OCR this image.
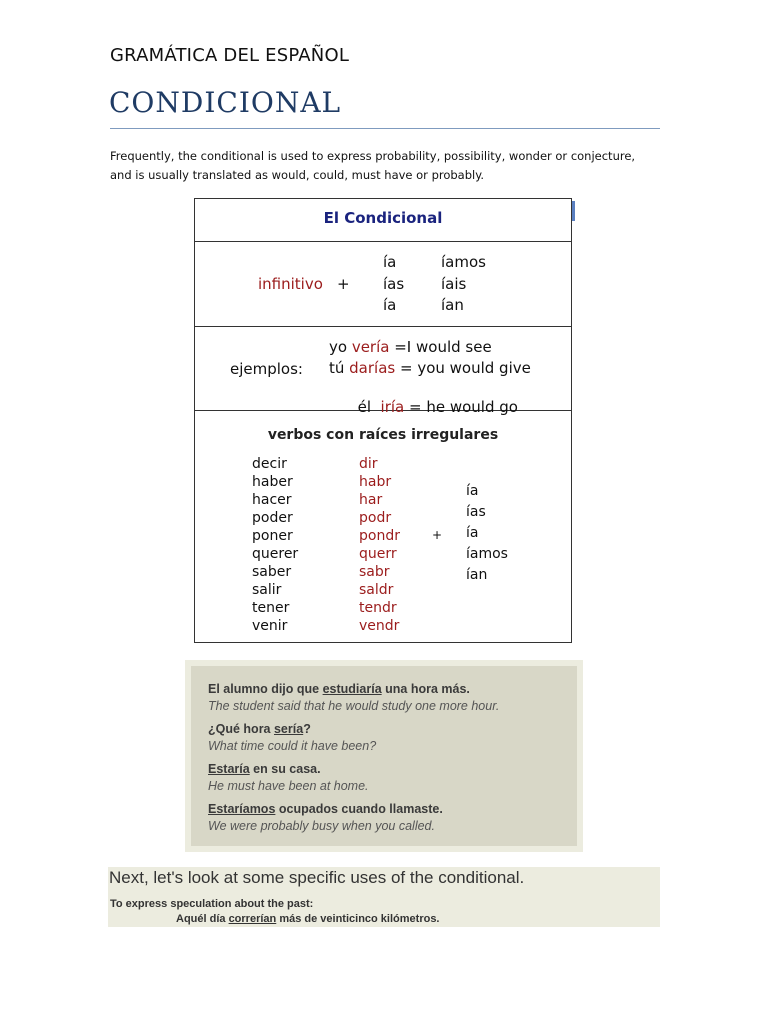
GRAMÁTICA DEL ESPAÑOL
CONDICIONAL

Frequently, the conditional is used to express probability, possibility, wonder or conjecture,

and is usually translated as would, could, must have or probably.

El Condicional
infinitivo +
ía
ías
ía
íamos
íais
ían
ejemplos:
yo vería =I would see
tú darías = you would give

él  iría = he would go

verbos con raíces irregulares
decir
haber
hacer
poder
poner
querer
saber
salir
tener
venir
dir
habr
har
podr
pondr
querr
sabr
saldr
tendr
vendr
+
ía
ías
ía
íamos
ían
El alumno dijo que estudiaría una hora más.
The student said that he would study one more hour.
¿Qué hora sería?
What time could it have been?
Estaría en su casa.
He must have been at home.
Estaríamos ocupados cuando llamaste.
We were probably busy when you called.
Next, let's look at some specific uses of the conditional.
To express speculation about the past:
Aquél día correrían más de veinticinco kilómetros.
